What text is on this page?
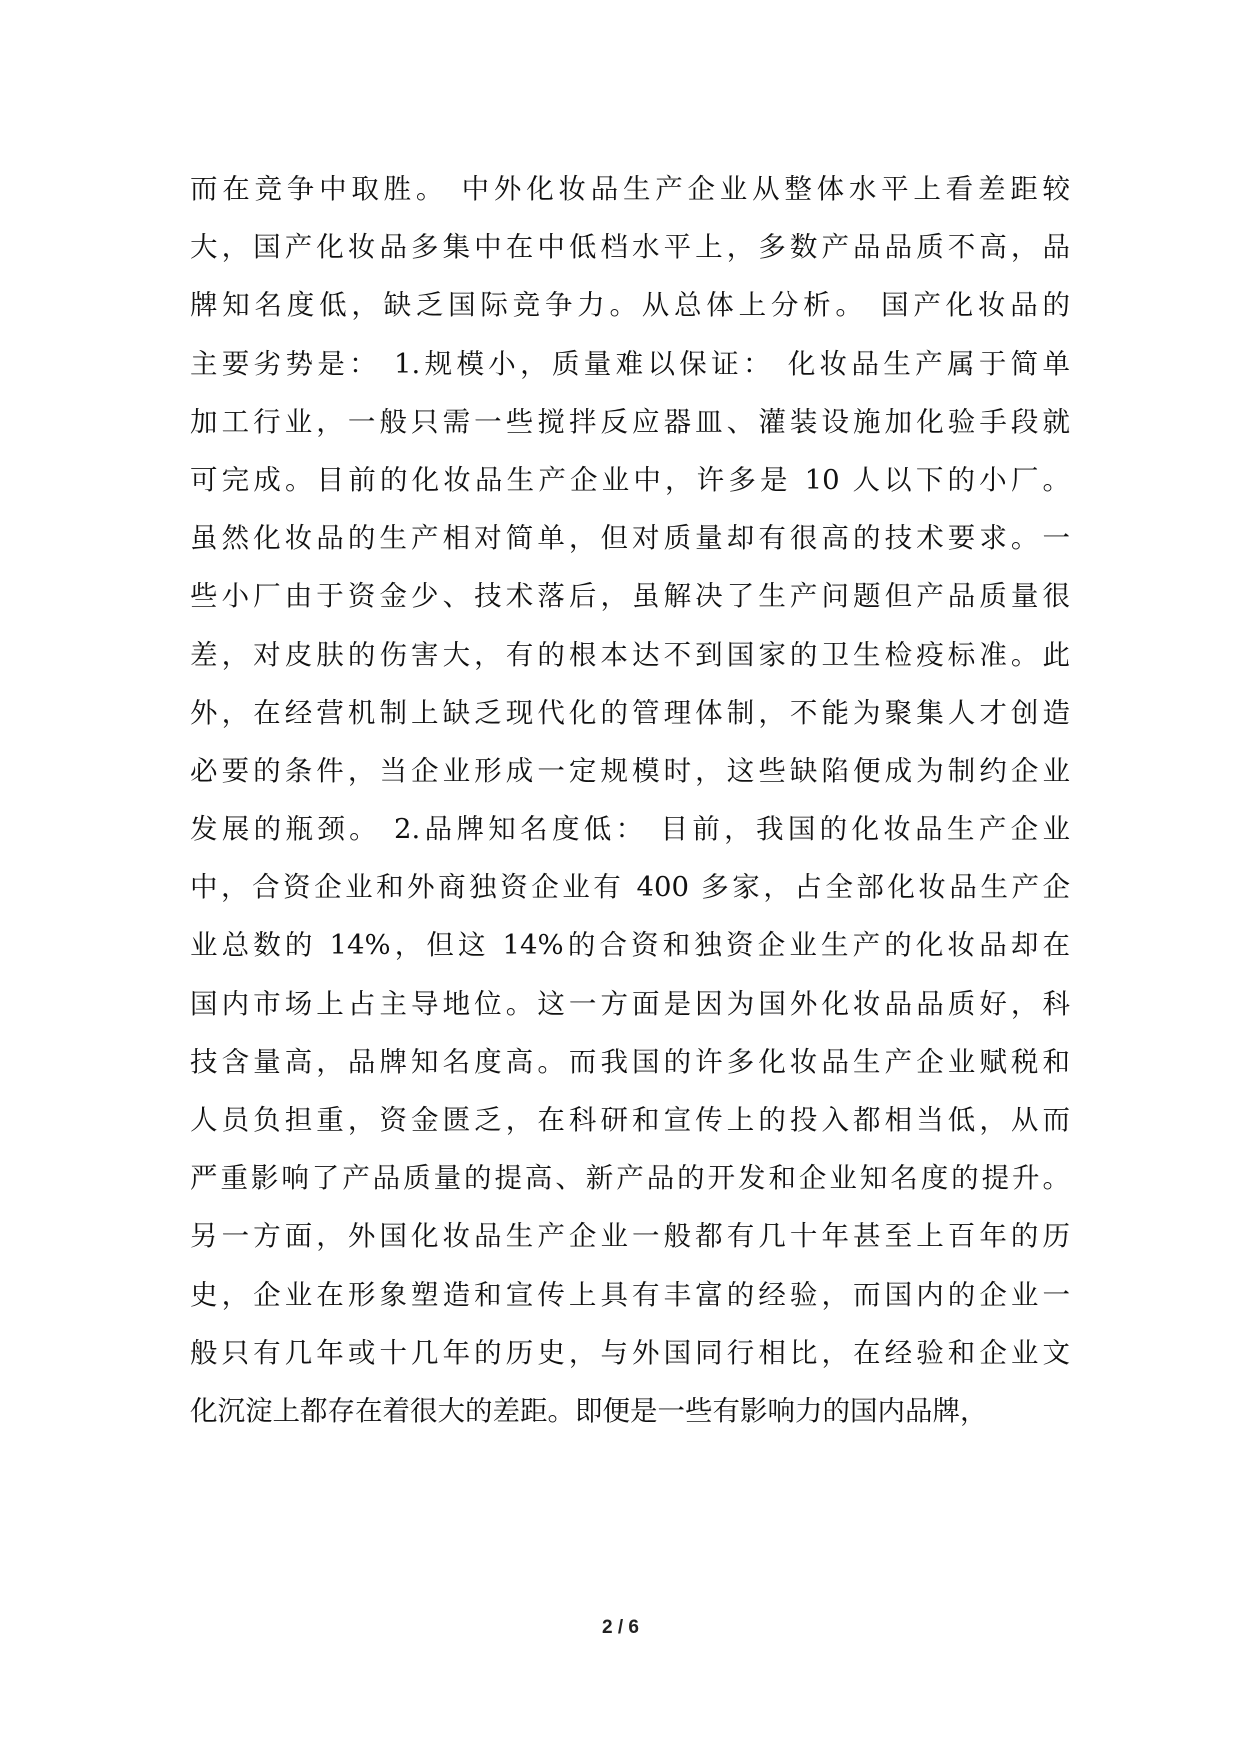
而在竞争中取胜。 中外化妆品生产企业从整体水平上看差距较
大，国产化妆品多集中在中低档水平上，多数产品品质不高，品
牌知名度低，缺乏国际竞争力。从总体上分析。 国产化妆品的
主要劣势是： 1.规模小，质量难以保证： 化妆品生产属于简单
加工行业，一般只需一些搅拌反应器皿、灌装设施加化验手段就
可完成。目前的化妆品生产企业中，许多是 10 人以下的小厂。
虽然化妆品的生产相对简单，但对质量却有很高的技术要求。一
些小厂由于资金少、技术落后，虽解决了生产问题但产品质量很
差，对皮肤的伤害大，有的根本达不到国家的卫生检疫标准。此
外，在经营机制上缺乏现代化的管理体制，不能为聚集人才创造
必要的条件，当企业形成一定规模时，这些缺陷便成为制约企业
发展的瓶颈。 2.品牌知名度低： 目前，我国的化妆品生产企业
中，合资企业和外商独资企业有 400 多家，占全部化妆品生产企
业总数的 14%，但这 14%的合资和独资企业生产的化妆品却在
国内市场上占主导地位。这一方面是因为国外化妆品品质好，科
技含量高，品牌知名度高。而我国的许多化妆品生产企业赋税和
人员负担重，资金匮乏，在科研和宣传上的投入都相当低，从而
严重影响了产品质量的提高、新产品的开发和企业知名度的提升。
另一方面，外国化妆品生产企业一般都有几十年甚至上百年的历
史，企业在形象塑造和宣传上具有丰富的经验，而国内的企业一
般只有几年或十几年的历史，与外国同行相比，在经验和企业文
化沉淀上都存在着很大的差距。即便是一些有影响力的国内品牌，
2 / 6
